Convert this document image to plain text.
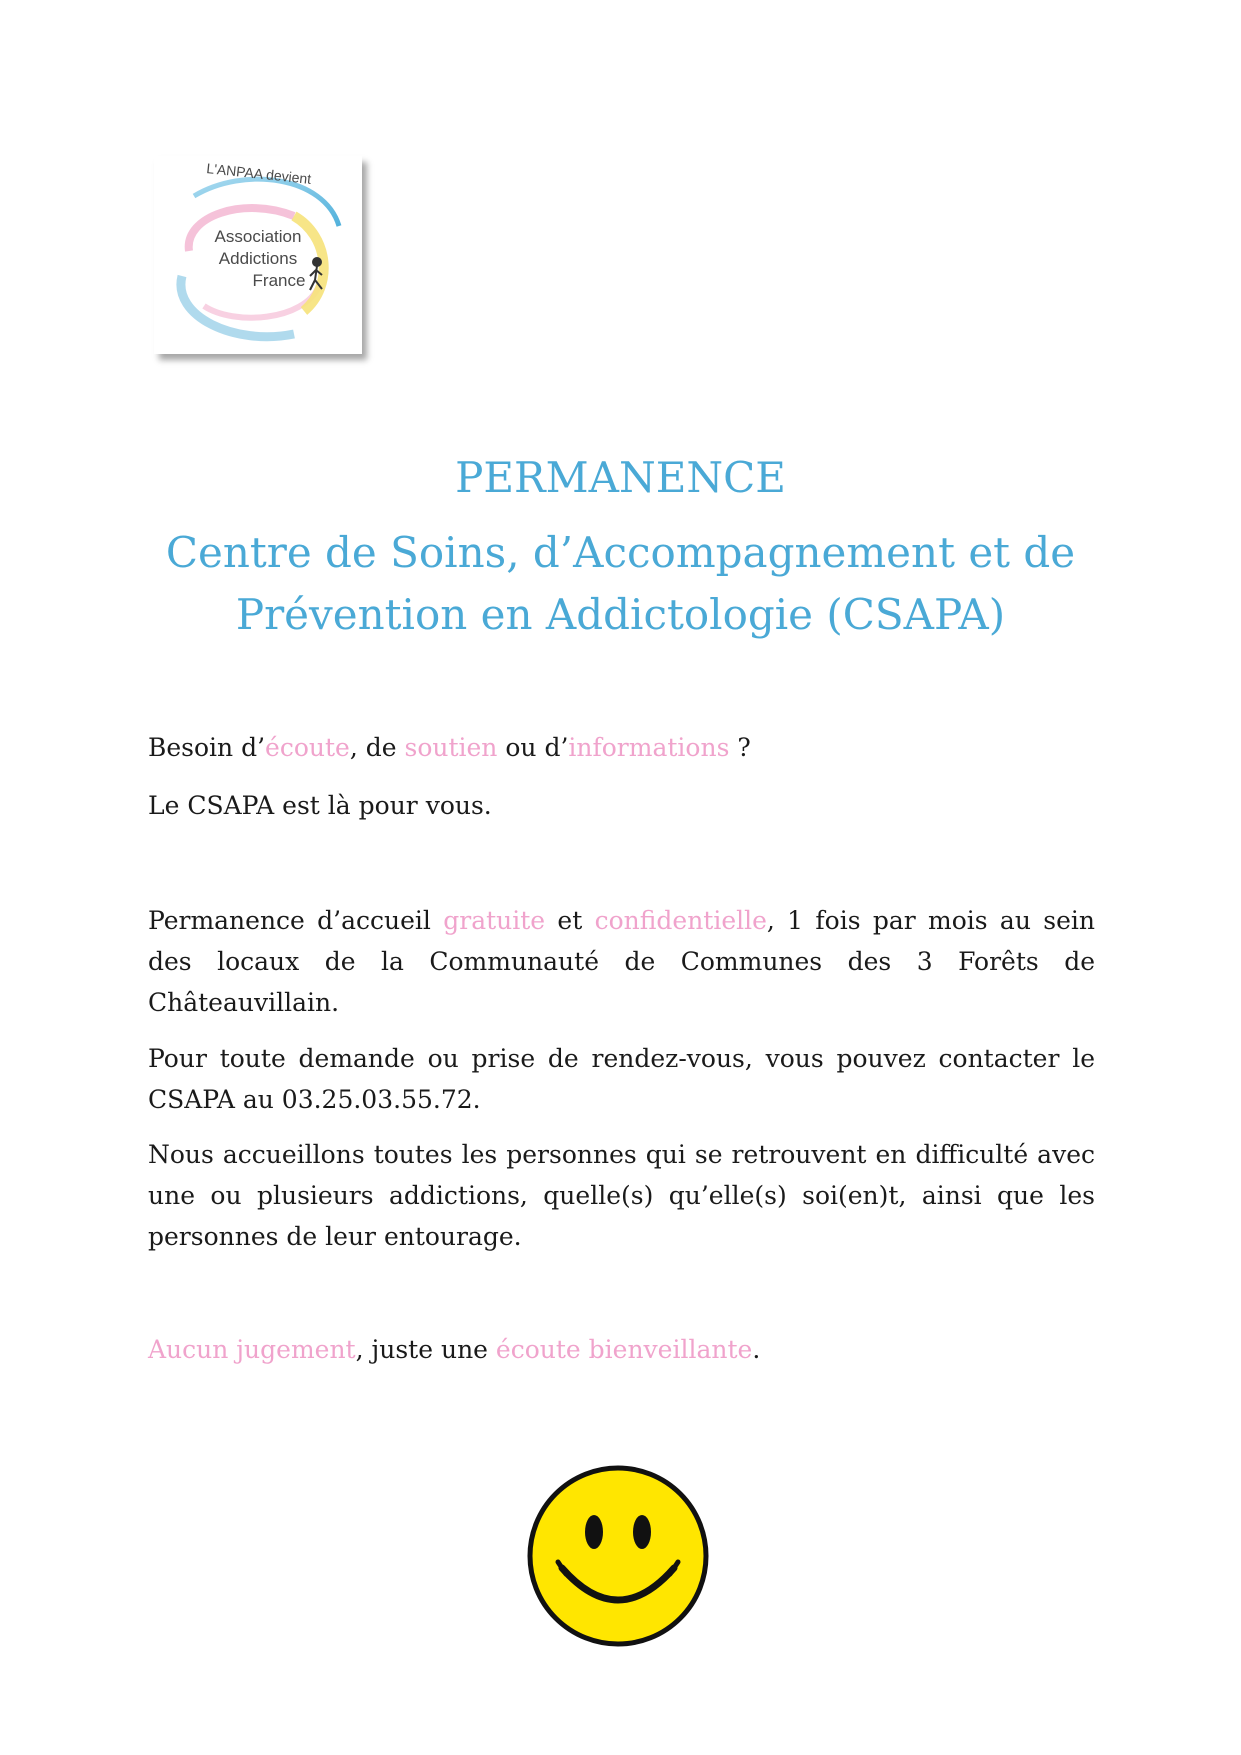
L'ANPAA devient
Association
Addictions
France
PERMANENCE
Centre de Soins, d’Accompagnement et de
Prévention en Addictologie (CSAPA)
Besoin d’écoute, de soutien ou d’informations ?
Le CSAPA est là pour vous.
Permanence d’accueil gratuite et confidentielle, 1 fois par mois au sein des locaux de la Communauté de Communes des 3 Forêts de Châteauvillain.
Pour toute demande ou prise de rendez-vous, vous pouvez contacter le CSAPA au 03.25.03.55.72.
Nous accueillons toutes les personnes qui se retrouvent en difficulté avec une ou plusieurs addictions, quelle(s) qu’elle(s) soi(en)t, ainsi que les personnes de leur entourage.
Aucun jugement, juste une écoute bienveillante.
